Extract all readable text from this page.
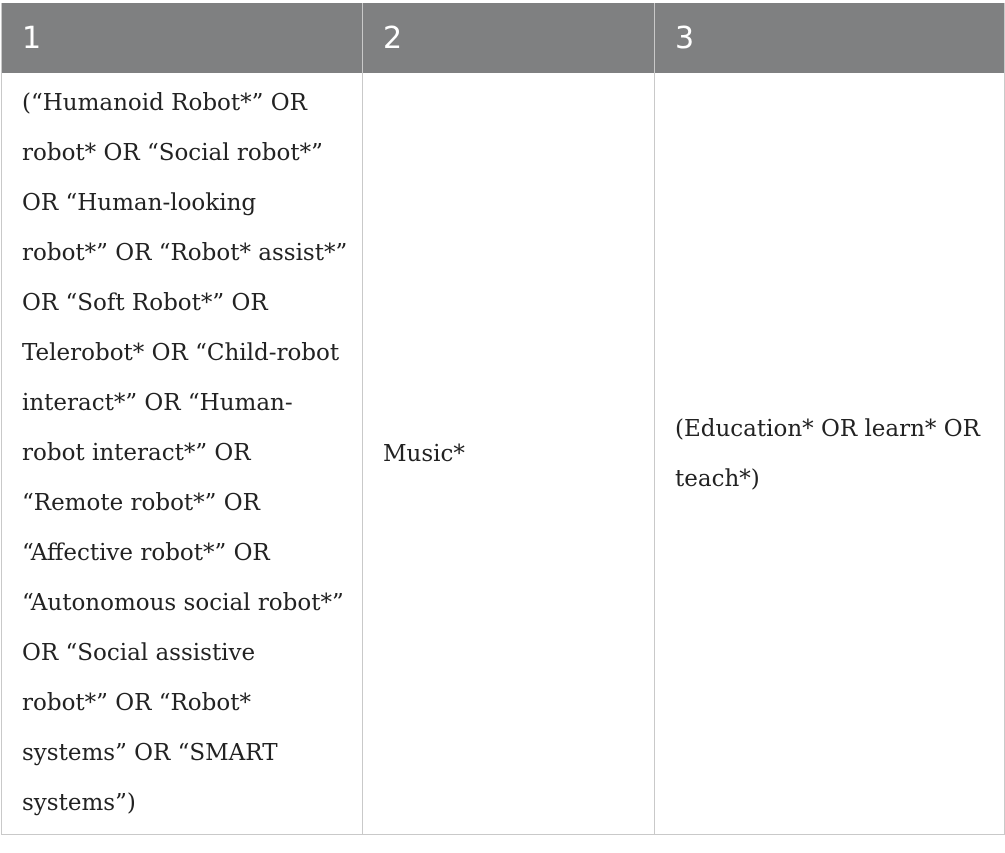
1	2	3
(“Humanoid Robot*” OR robot* OR “Social robot*” OR “Human-looking robot*” OR “Robot* assist*” OR “Soft Robot*” OR Telerobot* OR “Child-robot interact*” OR “Human-robot interact*” OR “Remote robot*” OR “Affective robot*” OR “Autonomous social robot*” OR “Social assistive robot*” OR “Robot* systems” OR “SMART systems”)	Music*	(Education* OR learn* OR teach*)
